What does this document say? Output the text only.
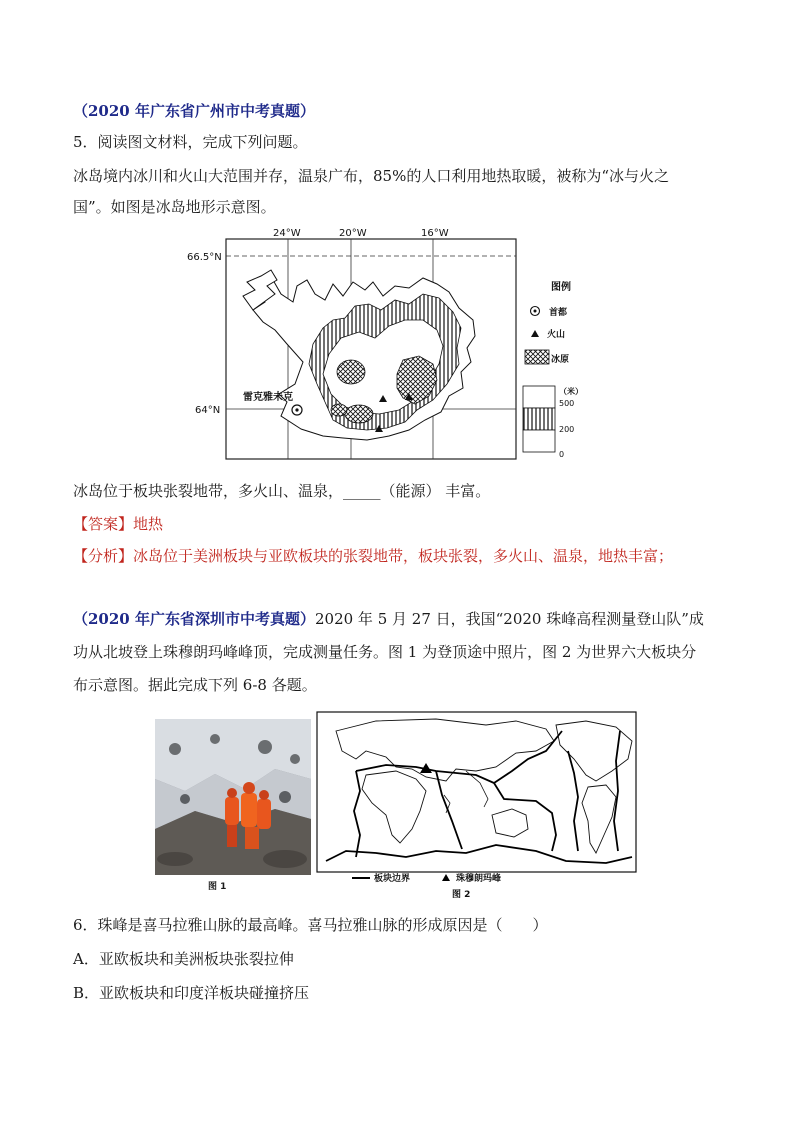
（2020 年广东省广州市中考真题）
5．阅读图文材料，完成下列问题。
冰岛境内冰川和火山大范围并存，温泉广布，85%的人口利用地热取暖，被称为“冰与火之
国”。如图是冰岛地形示意图。
雷克雅未克
24°W	20°W	16°W
66.5°N
64°N
图例
首都
火山
冰原
（米）
500
200
0
冰岛位于板块张裂地带，多火山、温泉，_____（能源） 丰富。
【答案】地热
【分析】冰岛位于美洲板块与亚欧板块的张裂地带，板块张裂，多火山、温泉，地热丰富；
（2020 年广东省深圳市中考真题）2020 年 5 月 27 日，我国“2020 珠峰高程测量登山队”成
功从北坡登上珠穆朗玛峰峰顶，完成测量任务。图 1 为登顶途中照片，图 2 为世界六大板块分
布示意图。据此完成下列 6-8 各题。
图 1
板块边界	珠穆朗玛峰
图 2
6．珠峰是喜马拉雅山脉的最高峰。喜马拉雅山脉的形成原因是（　　）
A．亚欧板块和美洲板块张裂拉伸
B．亚欧板块和印度洋板块碰撞挤压
